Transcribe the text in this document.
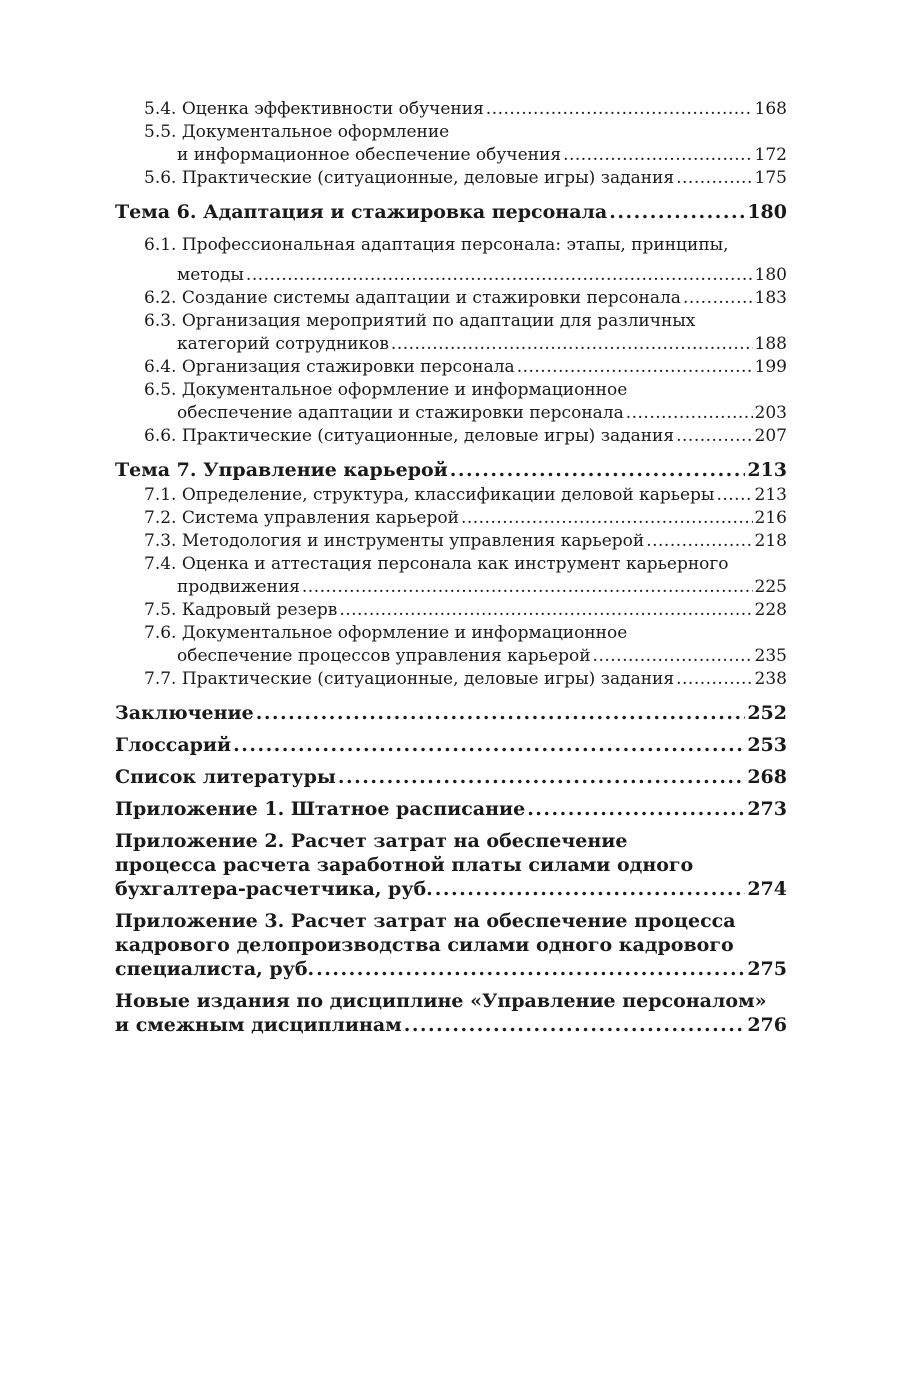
5.4. Оценка эффективности обучения .....	168
5.5. Документальное оформление
и информационное обеспечение обучения .....	172
5.6. Практические (ситуационные, деловые игры) задания .....	175
Тема 6. Адаптация и стажировка персонала .....	180
6.1. Профессиональная адаптация персонала: этапы, принципы,
методы .....	180
6.2. Создание системы адаптации и стажировки персонала .....	183
6.3. Организация мероприятий по адаптации для различных
категорий сотрудников .....	188
6.4. Организация стажировки персонала .....	199
6.5. Документальное оформление и информационное
обеспечение адаптации и стажировки персонала .....	203
6.6. Практические (ситуационные, деловые игры) задания .....	207
Тема 7. Управление карьерой .....	213
7.1. Определение, структура, классификации деловой карьеры ..... 213
7.2. Система управления карьерой .....	216
7.3. Методология и инструменты управления карьерой .....	218
7.4. Оценка и аттестация персонала как инструмент карьерного
продвижения .....	225
7.5. Кадровый резерв .....	228
7.6. Документальное оформление и информационное
обеспечение процессов управления карьерой .....	235
7.7. Практические (ситуационные, деловые игры) задания .....	238
Заключение .....	252
Глоссарий .....	253
Список литературы .....	268
Приложение 1. Штатное расписание .....	273
Приложение 2. Расчет затрат на обеспечение
процесса расчета заработной платы силами одного
бухгалтера-расчетчика, руб. .....	274
Приложение 3. Расчет затрат на обеспечение процесса
кадрового делопроизводства силами одного кадрового
специалиста, руб. .....	275
Новые издания по дисциплине «Управление персоналом»
и смежным дисциплинам .....	276
